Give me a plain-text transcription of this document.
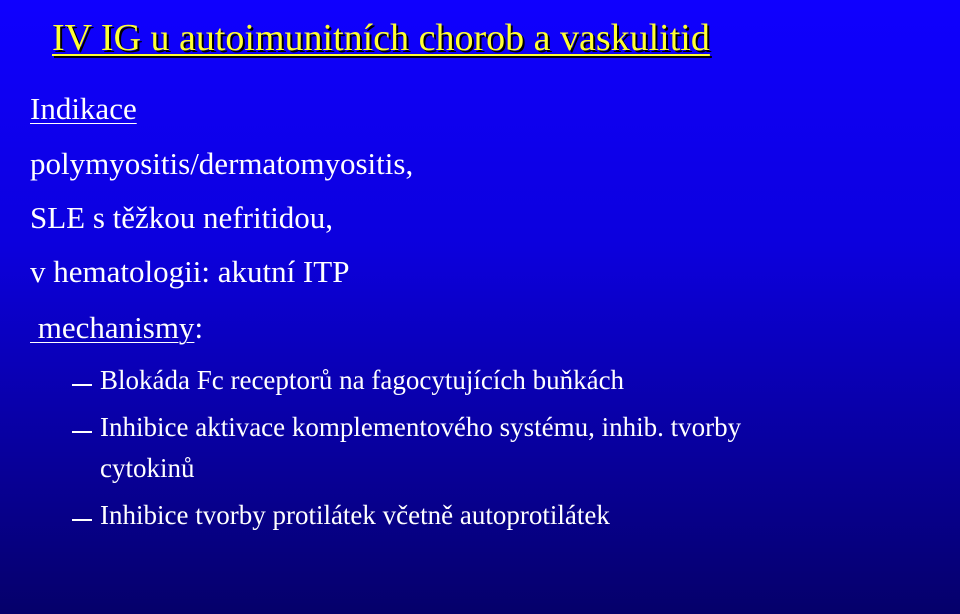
IV IG u autoimunitních chorob a vaskulitid
Indikace
polymyositis/dermatomyositis,
SLE s těžkou nefritidou,
v hematologii: akutní ITP
mechanismy:
Blokáda Fc receptorů na fagocytujících buňkách
Inhibice aktivace komplementového systému, inhib. tvorby
cytokinů
Inhibice tvorby protilátek včetně autoprotilátek
